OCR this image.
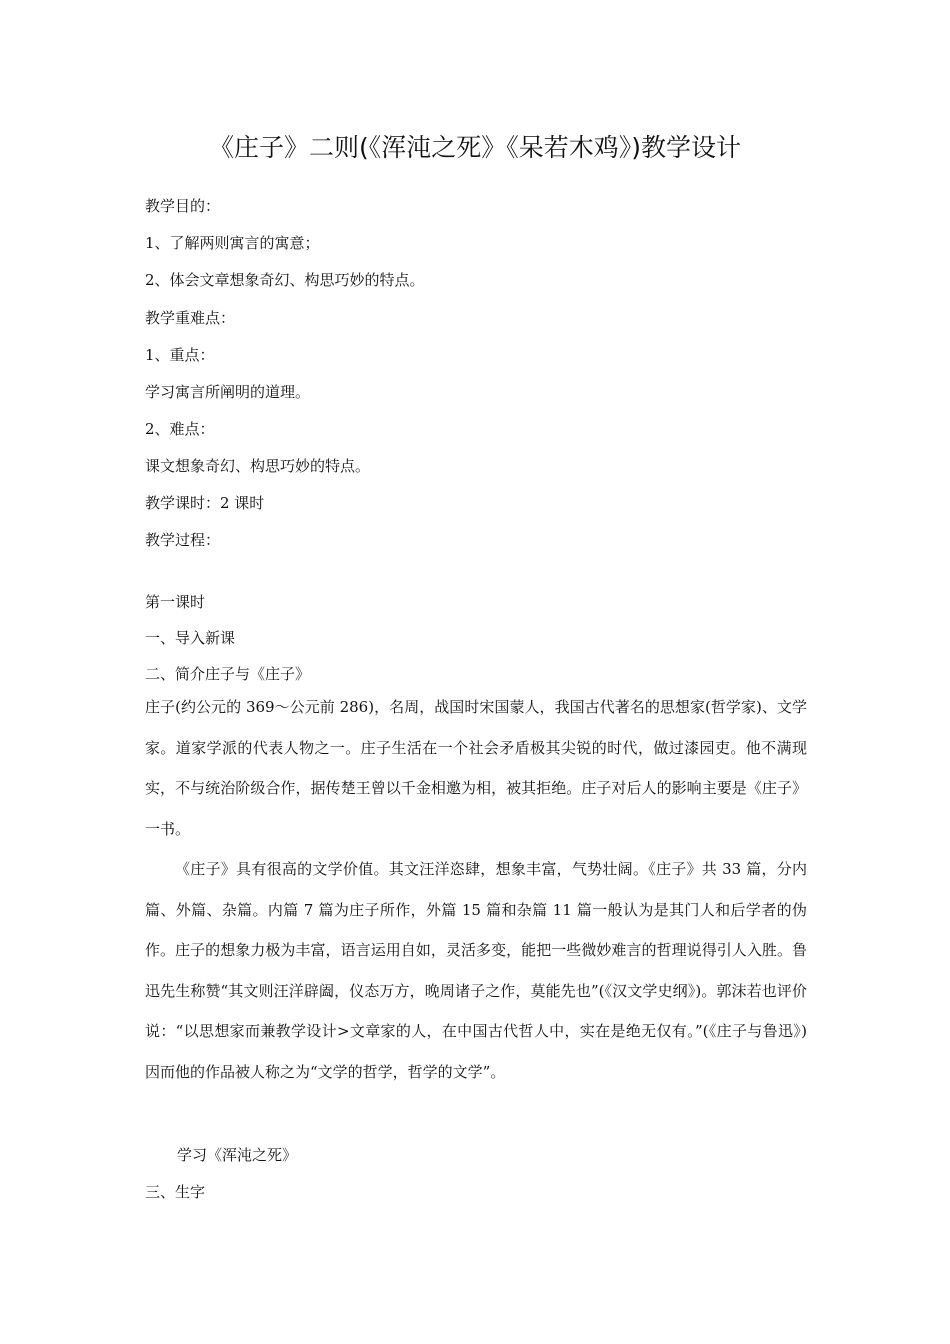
《庄子》二则(《浑沌之死》《呆若木鸡》)教学设计

教学目的：

1、了解两则寓言的寓意；

2、体会文章想象奇幻、构思巧妙的特点。

教学重难点：

1、重点：

学习寓言所阐明的道理。

2、难点：

课文想象奇幻、构思巧妙的特点。

教学课时：2 课时

教学过程：

第一课时

一、导入新课

二、简介庄子与《庄子》

庄子(约公元的 369～公元前 286)，名周，战国时宋国蒙人，我国古代著名的思想家(哲学家)、文学家。道家学派的代表人物之一。庄子生活在一个社会矛盾极其尖锐的时代，做过漆园吏。他不满现实，不与统治阶级合作，据传楚王曾以千金相邀为相，被其拒绝。庄子对后人的影响主要是《庄子》一书。

《庄子》具有很高的文学价值。其文汪洋恣肆，想象丰富，气势壮阔。《庄子》共 33 篇，分内篇、外篇、杂篇。内篇 7 篇为庄子所作，外篇 15 篇和杂篇 11 篇一般认为是其门人和后学者的伪作。庄子的想象力极为丰富，语言运用自如，灵活多变，能把一些微妙难言的哲理说得引人入胜。鲁迅先生称赞“其文则汪洋辟阖，仪态万方，晚周诸子之作，莫能先也”(《汉文学史纲》)。郭沫若也评价说：“以思想家而兼教学设计>文章家的人，在中国古代哲人中，实在是绝无仅有。”(《庄子与鲁迅》)因而他的作品被人称之为“文学的哲学，哲学的文学”。

学习《浑沌之死》

三、生字
